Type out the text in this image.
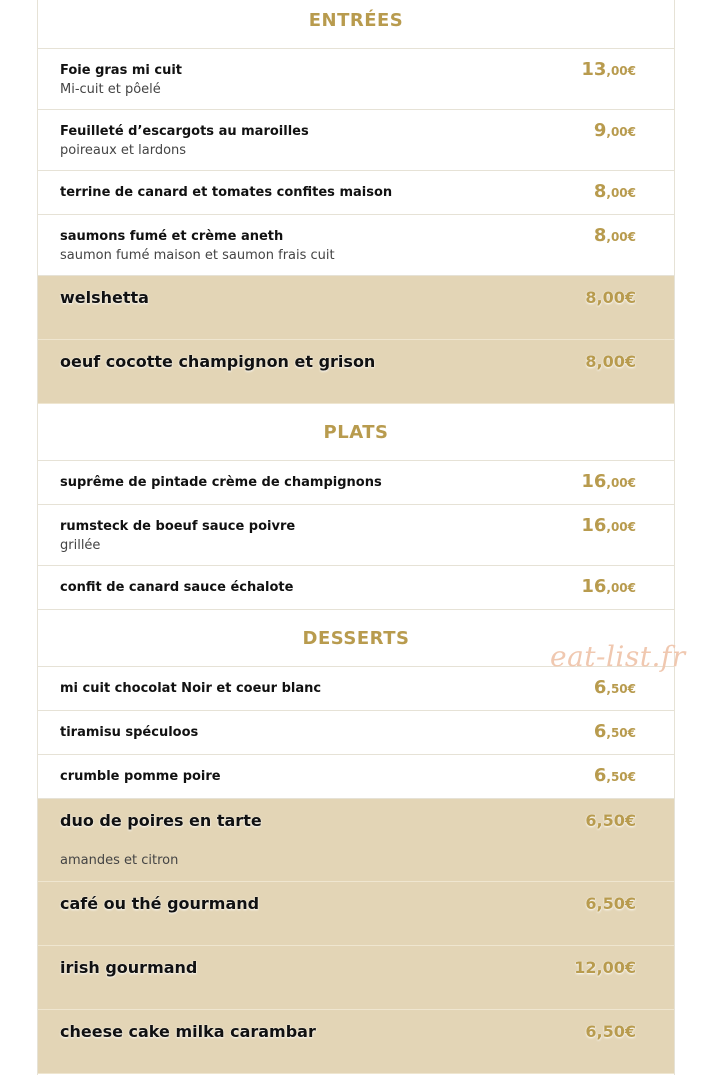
ENTRÉES
Foie gras mi cuit
Mi-cuit et pôelé
13,00€
Feuilleté d’escargots au maroilles
poireaux et lardons
9,00€
terrine de canard et tomates confites maison	8,00€
saumons fumé et crème aneth
saumon fumé maison et saumon frais cuit
8,00€
welshetta	8,00€
oeuf cocotte champignon et grison	8,00€
PLATS
suprême de pintade crème de champignons	16,00€
rumsteck de boeuf sauce poivre
grillée
16,00€
confit de canard sauce échalote	16,00€
DESSERTS
mi cuit chocolat Noir et coeur blanc	6,50€
tiramisu spéculoos	6,50€
crumble pomme poire	6,50€
duo de poires en tarte
amandes et citron
6,50€
café ou thé gourmand	6,50€
irish gourmand	12,00€
cheese cake milka carambar	6,50€
eat-list.fr
